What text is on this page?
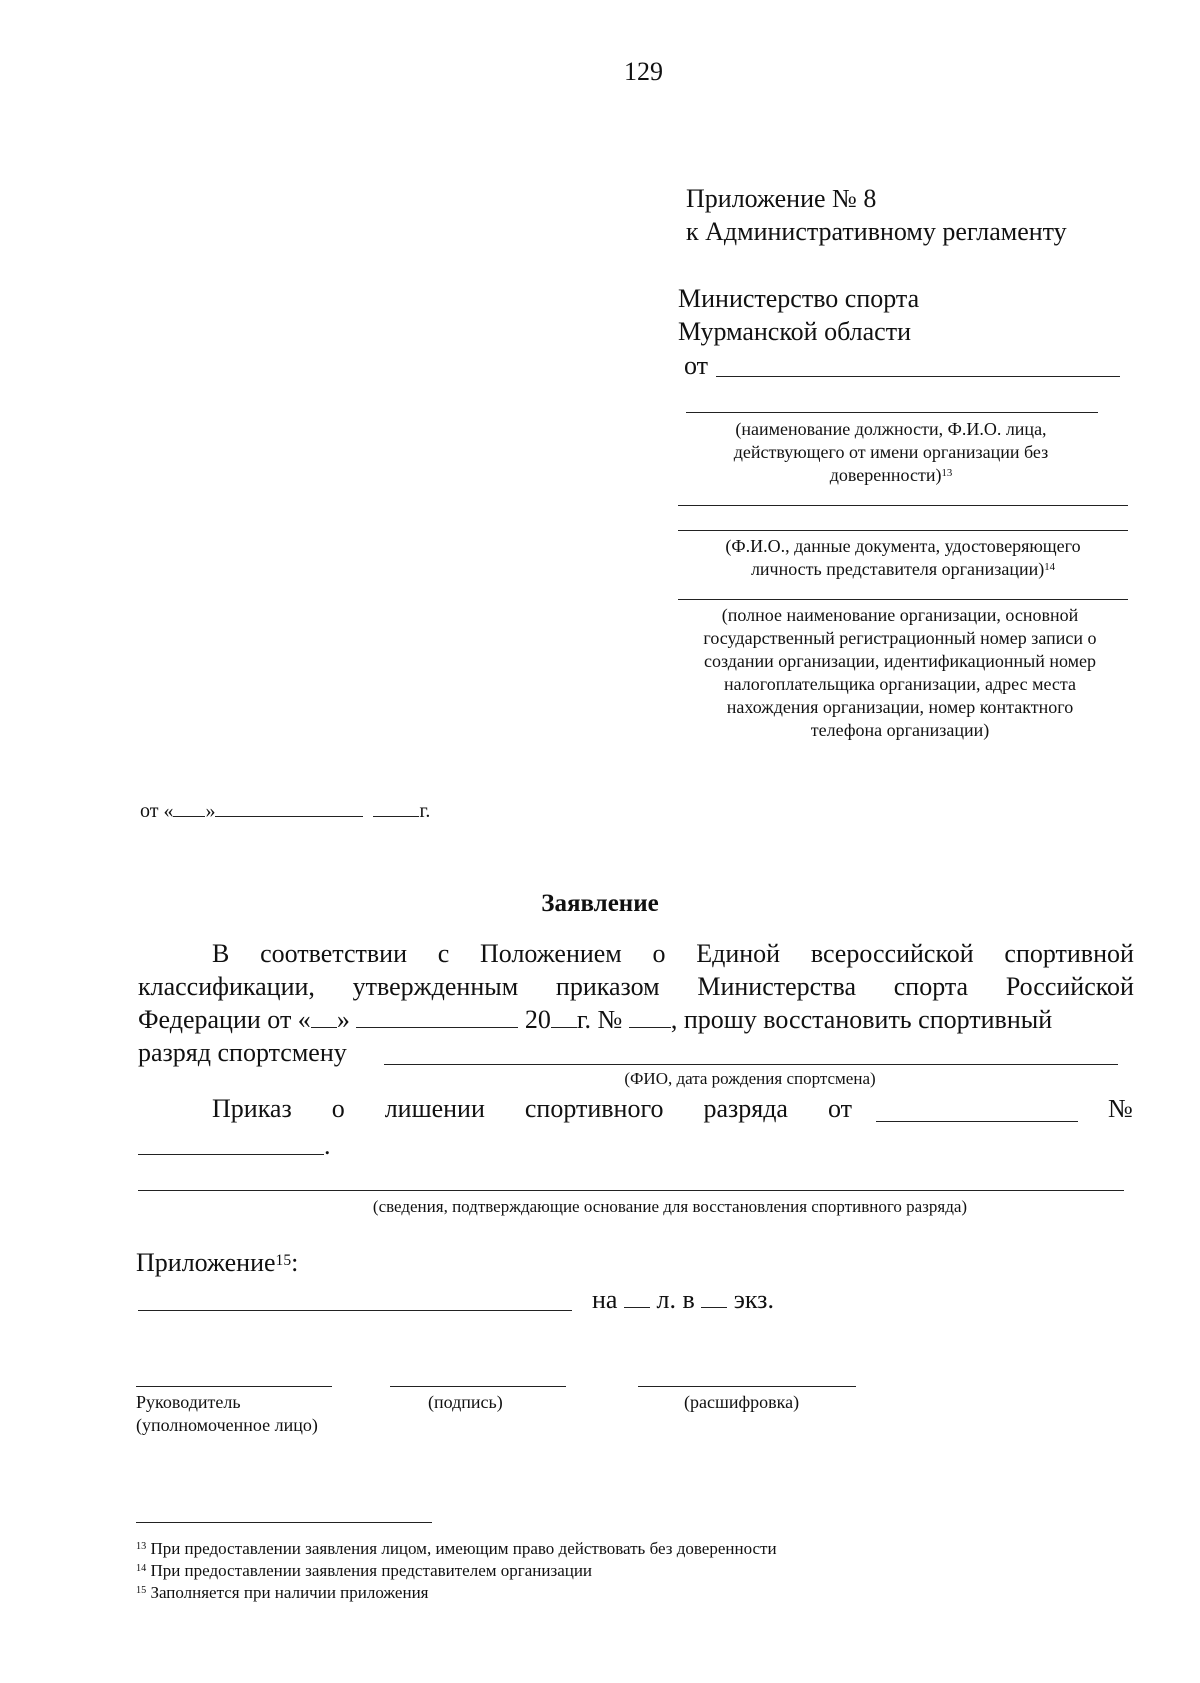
129
Приложение № 8
к Административному регламенту
Министерство спорта
Мурманской области
от
(наименование должности, Ф.И.О. лица,
действующего от имени организации без
доверенности)$^{13}$
(Ф.И.О., данные документа, удостоверяющего
личность представителя организации)$^{14}$
(полное наименование организации, основной
государственный регистрационный номер записи о
создании организации, идентификационный номер
налогоплательщика организации, адрес места
нахождения организации, номер контактного
телефона организации)
от « »	г.
Заявление
В соответствии с Положением о Единой всероссийской спортивной
классификации, утвержденным приказом Министерства спорта Российской
Федерации от « »	20 г. № , прошу восстановить спортивный
разряд спортсмену
(ФИО, дата рождения спортсмена)
Приказ о лишении спортивного разряда от	№
.
(сведения, подтверждающие основание для восстановления спортивного разряда)
Приложение$^{15}$:
на л. в экз.
Руководитель
(уполномоченное лицо)
(подпись)	(расшифровка)
$^{13}$ При предоставлении заявления лицом, имеющим право действовать без доверенности
$^{14}$ При предоставлении заявления представителем организации
$^{15}$ Заполняется при наличии приложения
